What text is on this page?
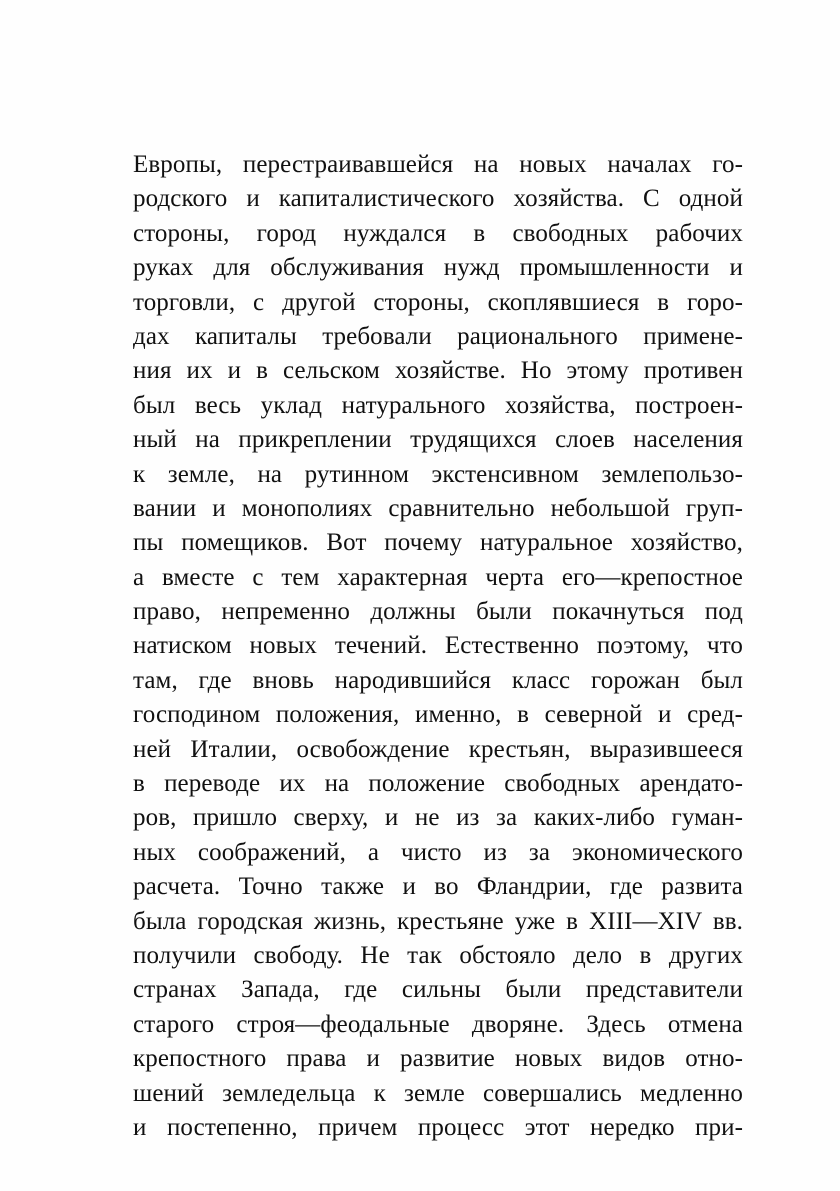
Европы, перестраивавшейся на новых началах го-
родского и капиталистического хозяйства. С одной
стороны, город нуждался в свободных рабочих
руках для обслуживания нужд промышленности и
торговли, с другой стороны, скоплявшиеся в горо-
дах капиталы требовали рационального примене-
ния их и в сельском хозяйстве. Но этому противен
был весь уклад натурального хозяйства, построен-
ный на прикреплении трудящихся слоев населения
к земле, на рутинном экстенсивном землепользо-
вании и монополиях сравнительно небольшой груп-
пы помещиков. Вот почему натуральное хозяйство,
а вместе с тем характерная черта его—крепостное
право, непременно должны были покачнуться под
натиском новых течений. Естественно поэтому, что
там, где вновь народившийся класс горожан был
господином положения, именно, в северной и сред-
ней Италии, освобождение крестьян, выразившееся
в переводе их на положение свободных арендато-
ров, пришло сверху, и не из за каких-либо гуман-
ных соображений, а чисто из за экономического
расчета. Точно также и во Фландрии, где развита
была городская жизнь, крестьяне уже в XIII—XIV вв.
получили свободу. Не так обстояло дело в других
странах Запада, где сильны были представители
старого строя—феодальные дворяне. Здесь отмена
крепостного права и развитие новых видов отно-
шений земледельца к земле совершались медленно
и постепенно, причем процесс этот нередко при-
